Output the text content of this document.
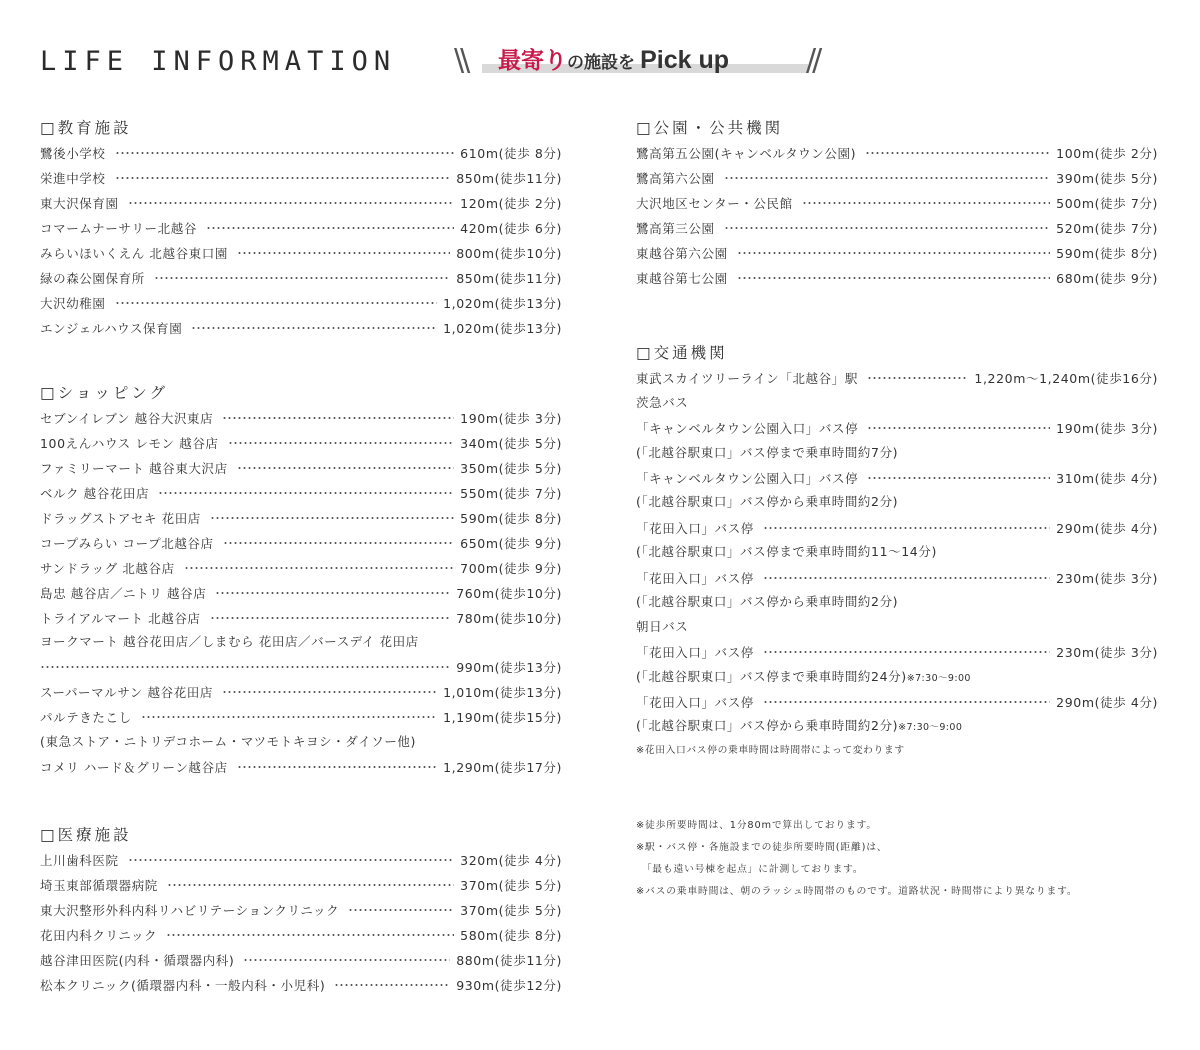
LIFE INFORMATION \\ 最寄りの施設を Pick up	//
□教育施設
鷺後小学校	610m(徒歩 8分)
栄進中学校	850m(徒歩11分)
東大沢保育園	120m(徒歩 2分)
コマームナーサリー北越谷	420m(徒歩 6分)
みらいほいくえん 北越谷東口園	800m(徒歩10分)
緑の森公園保育所	850m(徒歩11分)
大沢幼稚園	1,020m(徒歩13分)
エンジェルハウス保育園	1,020m(徒歩13分)
□ショッピング
セブンイレブン 越谷大沢東店	190m(徒歩 3分)
100えんハウス レモン 越谷店	340m(徒歩 5分)
ファミリーマート 越谷東大沢店	350m(徒歩 5分)
ベルク 越谷花田店	550m(徒歩 7分)
ドラッグストアセキ 花田店	590m(徒歩 8分)
コープみらい コープ北越谷店	650m(徒歩 9分)
サンドラッグ 北越谷店	700m(徒歩 9分)
島忠 越谷店／ニトリ 越谷店	760m(徒歩10分)
トライアルマート 北越谷店	780m(徒歩10分)
ヨークマート 越谷花田店／しまむら 花田店／バースデイ 花田店
990m(徒歩13分)
スーパーマルサン 越谷花田店	1,010m(徒歩13分)
パルテきたこし	1,190m(徒歩15分)
(東急ストア・ニトリデコホーム・マツモトキヨシ・ダイソー他)
コメリ ハード＆グリーン越谷店	1,290m(徒歩17分)
□医療施設
上川歯科医院	320m(徒歩 4分)
埼玉東部循環器病院	370m(徒歩 5分)
東大沢整形外科内科リハビリテーションクリニック	370m(徒歩 5分)
花田内科クリニック	580m(徒歩 8分)
越谷津田医院(内科・循環器内科)	880m(徒歩11分)
松本クリニック(循環器内科・一般内科・小児科)	930m(徒歩12分)
□公園・公共機関
鷺高第五公園(キャンベルタウン公園)	100m(徒歩 2分)
鷺高第六公園	390m(徒歩 5分)
大沢地区センター・公民館	500m(徒歩 7分)
鷺高第三公園	520m(徒歩 7分)
東越谷第六公園	590m(徒歩 8分)
東越谷第七公園	680m(徒歩 9分)
□交通機関
東武スカイツリーライン「北越谷」駅	1,220m〜1,240m(徒歩16分)
茨急バス
「キャンベルタウン公園入口」バス停	190m(徒歩 3分)
(「北越谷駅東口」バス停まで乗車時間約7分)
「キャンベルタウン公園入口」バス停	310m(徒歩 4分)
(「北越谷駅東口」バス停から乗車時間約2分)
「花田入口」バス停	290m(徒歩 4分)
(「北越谷駅東口」バス停まで乗車時間約11〜14分)
「花田入口」バス停	230m(徒歩 3分)
(「北越谷駅東口」バス停から乗車時間約2分)
朝日バス
「花田入口」バス停	230m(徒歩 3分)
(「北越谷駅東口」バス停まで乗車時間約24分)※7:30〜9:00
「花田入口」バス停	290m(徒歩 4分)
(「北越谷駅東口」バス停から乗車時間約2分)※7:30〜9:00
※花田入口バス停の乗車時間は時間帯によって変わります
※徒歩所要時間は、1分80mで算出しております。
※駅・バス停・各施設までの徒歩所要時間(距離)は、
　「最も遠い号棟を起点」に計測しております。
※バスの乗車時間は、朝のラッシュ時間帯のものです。道路状況・時間帯により異なります。
